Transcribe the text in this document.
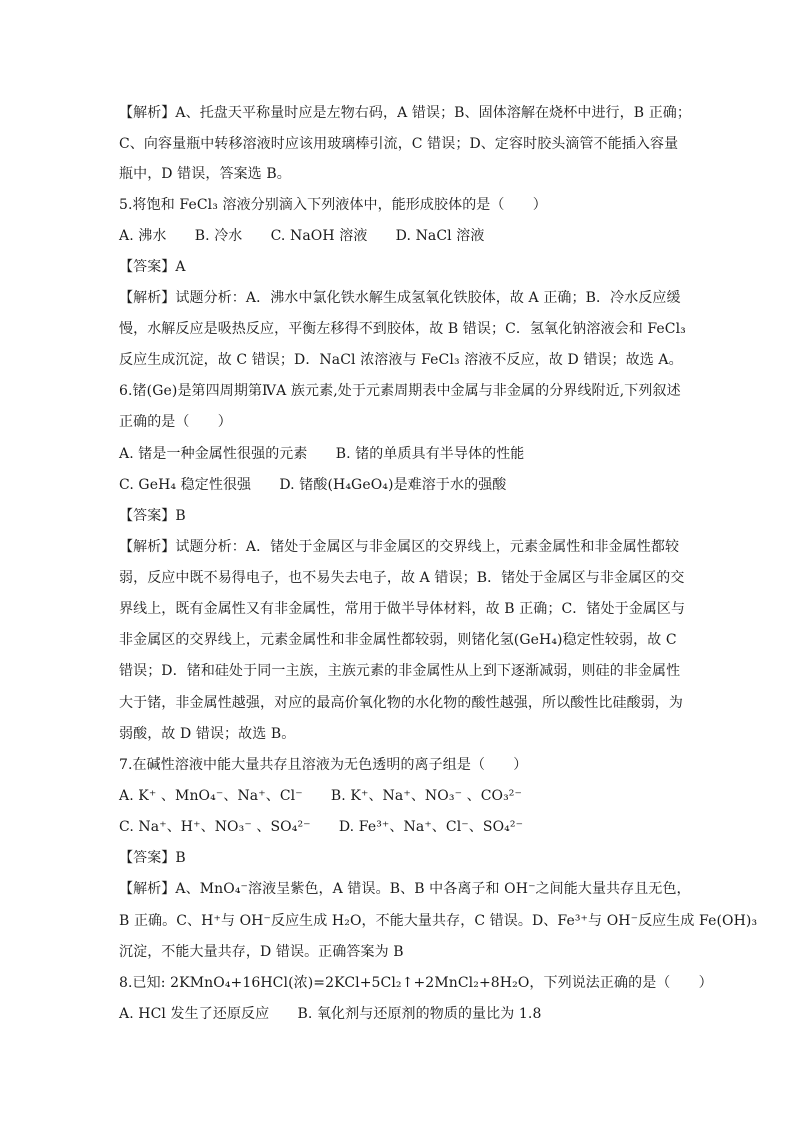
【解析】A、托盘天平称量时应是左物右码，A 错误；B、固体溶解在烧杯中进行，B 正确；
C、向容量瓶中转移溶液时应该用玻璃棒引流，C 错误；D、定容时胶头滴管不能插入容量
瓶中，D 错误，答案选 B。
5.将饱和 FeCl₃ 溶液分别滴入下列液体中，能形成胶体的是（　　）
A. 沸水　　B. 冷水　　C. NaOH 溶液　　D. NaCl 溶液
【答案】A
【解析】试题分析：A．沸水中氯化铁水解生成氢氧化铁胶体，故 A 正确；B．冷水反应缓
慢，水解反应是吸热反应，平衡左移得不到胶体，故 B 错误；C．氢氧化钠溶液会和 FeCl₃
反应生成沉淀，故 C 错误；D．NaCl 浓溶液与 FeCl₃ 溶液不反应，故 D 错误；故选 A。
6.锗(Ge)是第四周期第ⅣA 族元素,处于元素周期表中金属与非金属的分界线附近,下列叙述
正确的是（　　）
A. 锗是一种金属性很强的元素　　B. 锗的单质具有半导体的性能
C. GeH₄ 稳定性很强　　D. 锗酸(H₄GeO₄)是难溶于水的强酸
【答案】B
【解析】试题分析：A．锗处于金属区与非金属区的交界线上，元素金属性和非金属性都较
弱，反应中既不易得电子，也不易失去电子，故 A 错误；B．锗处于金属区与非金属区的交
界线上，既有金属性又有非金属性，常用于做半导体材料，故 B 正确；C．锗处于金属区与
非金属区的交界线上，元素金属性和非金属性都较弱，则锗化氢(GeH₄)稳定性较弱，故 C
错误；D．锗和硅处于同一主族，主族元素的非金属性从上到下逐渐减弱，则硅的非金属性
大于锗，非金属性越强，对应的最高价氧化物的水化物的酸性越强，所以酸性比硅酸弱，为
弱酸，故 D 错误；故选 B。
7.在碱性溶液中能大量共存且溶液为无色透明的离子组是（　　）
A. K⁺ 、MnO₄⁻、Na⁺、Cl⁻　　B. K⁺、Na⁺、NO₃⁻ 、CO₃²⁻
C. Na⁺、H⁺、NO₃⁻ 、SO₄²⁻　　D. Fe³⁺、Na⁺、Cl⁻、SO₄²⁻
【答案】B
【解析】A、MnO₄⁻溶液呈紫色，A 错误。B、B 中各离子和 OH⁻之间能大量共存且无色，
B 正确。C、H⁺与 OH⁻反应生成 H₂O，不能大量共存，C 错误。D、Fe³⁺与 OH⁻反应生成 Fe(OH)₃
沉淀，不能大量共存，D 错误。正确答案为 B
8.已知: 2KMnO₄+16HCl(浓)=2KCl+5Cl₂↑+2MnCl₂+8H₂O，下列说法正确的是（　　）
A. HCl 发生了还原反应　　B. 氧化剂与还原剂的物质的量比为 1.8
